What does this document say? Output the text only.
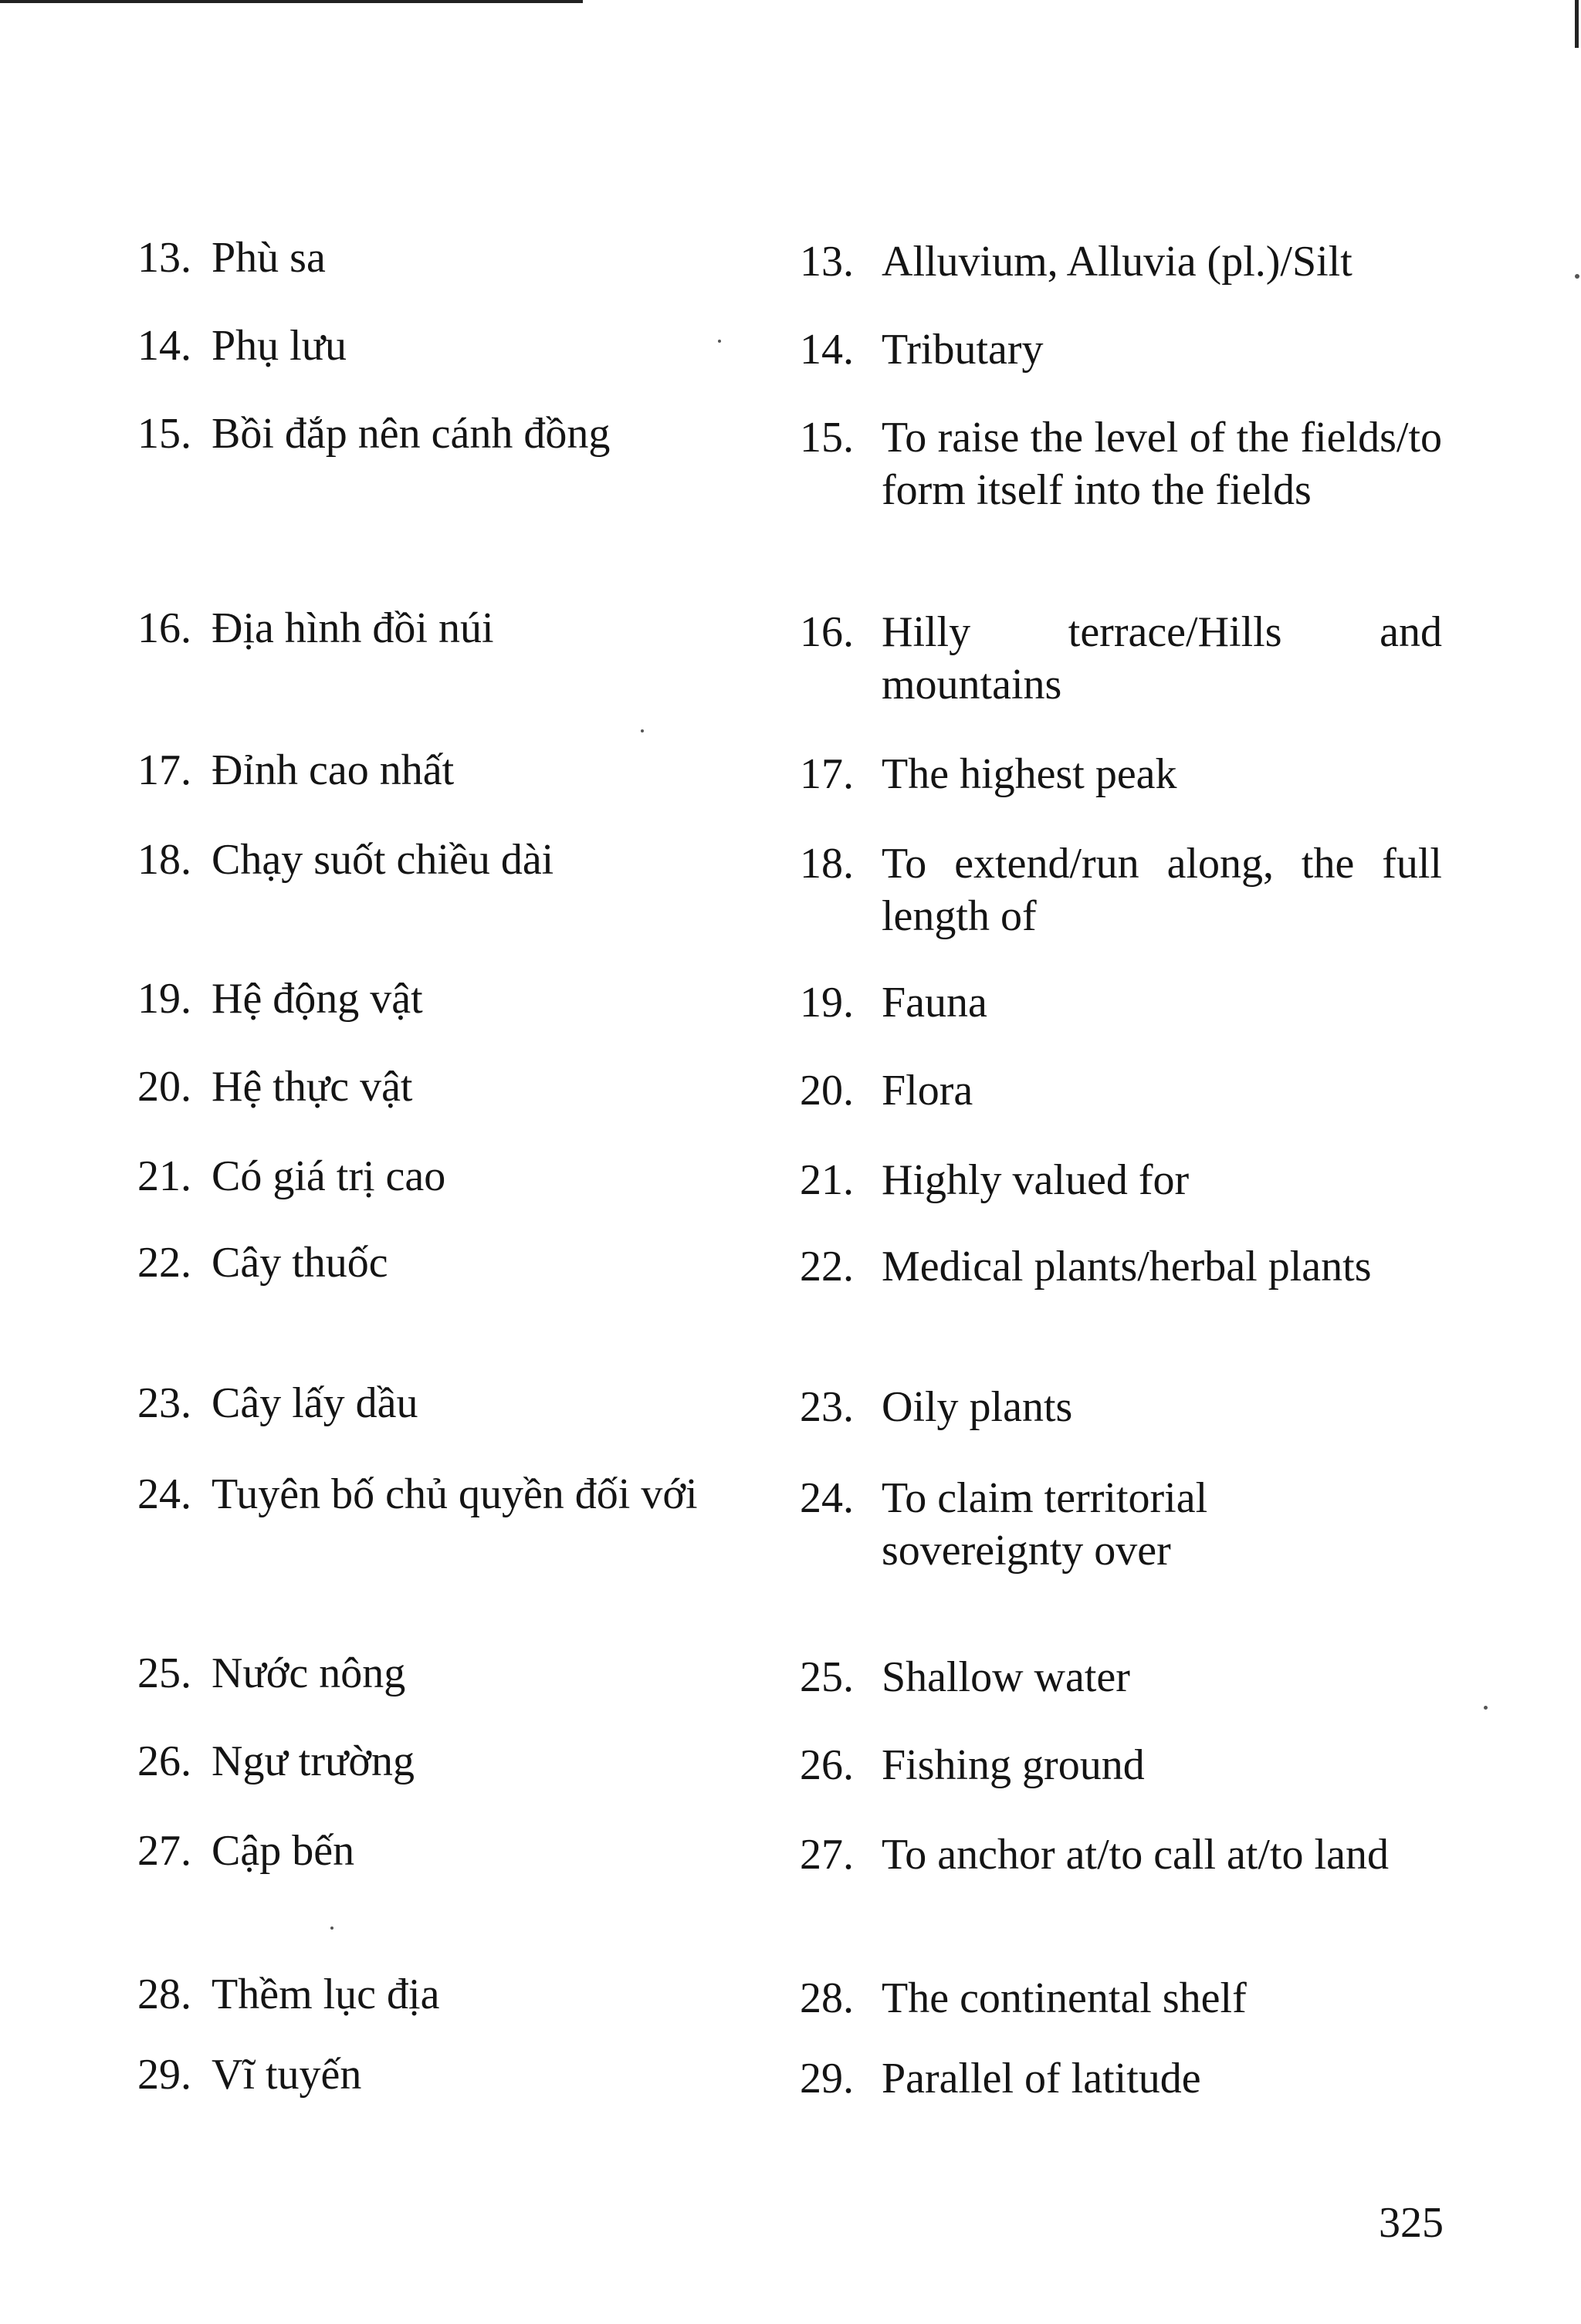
13. Phù sa
14. Phụ lưu
15. Bồi đắp nên cánh đồng
16. Địa hình đồi núi
17. Đỉnh cao nhất
18. Chạy suốt chiều dài
19. Hệ động vật
20. Hệ thực vật
21. Có giá trị cao
22. Cây thuốc
23. Cây lấy dầu
24. Tuyên bố chủ quyền đối với
25. Nước nông
26. Ngư trường
27. Cập bến
28. Thềm lục địa
29. Vĩ tuyến
13. Alluvium, Alluvia (pl.)/Silt
14. Tributary
15. To raise the level of the fields/to form itself into the fields
16. Hilly terrace/Hills and mountains
17. The highest peak
18. To extend/run along, the full length of
19. Fauna
20. Flora
21. Highly valued for
22. Medical plants/herbal plants
23. Oily plants
24. To claim territorial sovereignty over
25. Shallow water
26. Fishing ground
27. To anchor at/to call at/to land
28. The continental shelf
29. Parallel of latitude
325
